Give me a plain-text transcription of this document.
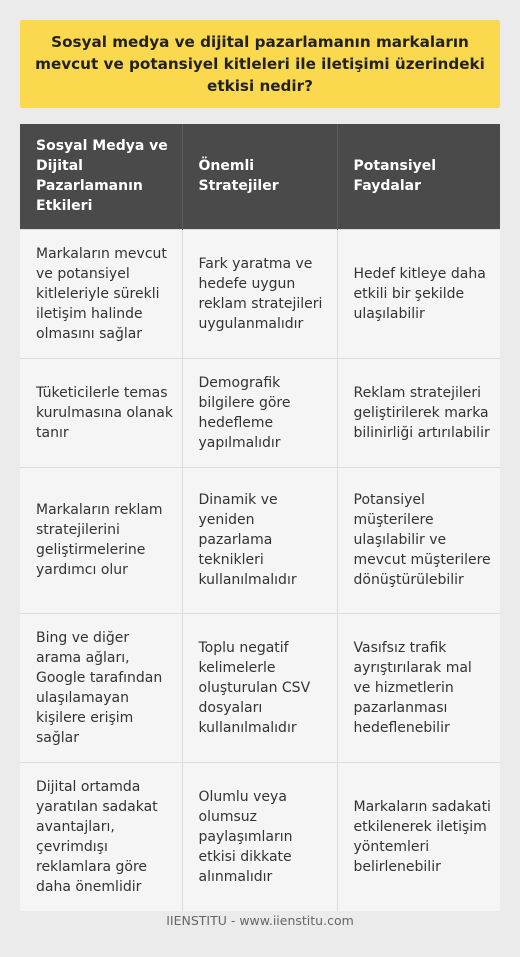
Sosyal medya ve dijital pazarlamanın markaların mevcut ve potansiyel kitleleri ile iletişimi üzerindeki etkisi nedir?

Sosyal Medya ve Dijital Pazarlamanın Etkileri	Önemli Stratejiler	Potansiyel Faydalar
Markaların mevcut ve potansiyel kitleleriyle sürekli iletişim halinde olmasını sağlar	Fark yaratma ve hedefe uygun reklam stratejileri uygulanmalıdır	Hedef kitleye daha etkili bir şekilde ulaşılabilir
Tüketicilerle temas kurulmasına olanak tanır	Demografik bilgilere göre hedefleme yapılmalıdır	Reklam stratejileri geliştirilerek marka bilinirliği artırılabilir
Markaların reklam stratejilerini geliştirmelerine yardımcı olur	Dinamik ve yeniden pazarlama teknikleri kullanılmalıdır	Potansiyel müşterilere ulaşılabilir ve mevcut müşterilere dönüştürülebilir
Bing ve diğer arama ağları, Google tarafından ulaşılamayan kişilere erişim sağlar	Toplu negatif kelimelerle oluşturulan CSV dosyaları kullanılmalıdır	Vasıfsız trafik ayrıştırılarak mal ve hizmetlerin pazarlanması hedeflenebilir
Dijital ortamda yaratılan sadakat avantajları, çevrimdışı reklamlara göre daha önemlidir	Olumlu veya olumsuz paylaşımların etkisi dikkate alınmalıdır	Markaların sadakati etkilenerek iletişim yöntemleri belirlenebilir

IIENSTITU - www.iienstitu.com
